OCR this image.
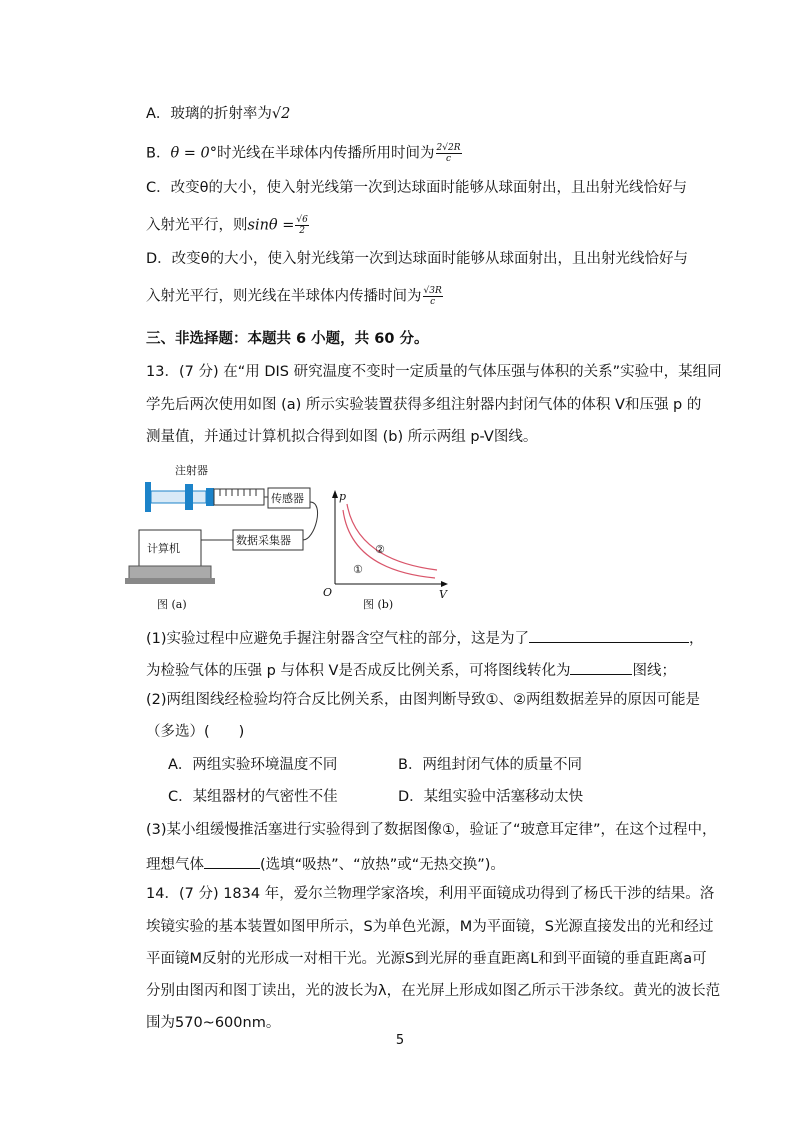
A．玻璃的折射率为√2
B．θ = 0°时光线在半球体内传播所用时间为 $\frac{2√2R}{c}$
C．改变θ的大小，使入射光线第一次到达球面时能够从球面射出，且出射光线恰好与
入射光平行，则$\sin\theta = \frac{√6}{2}$
D．改变θ的大小，使入射光线第一次到达球面时能够从球面射出，且出射光线恰好与
入射光平行，则光线在半球体内传播时间为 $\frac{√3R}{c}$
三、非选择题：本题共 6 小题，共 60 分。
13．(7 分) 在“用 DIS 研究温度不变时一定质量的气体压强与体积的关系”实验中，某组同
学先后两次使用如图 (a) 所示实验装置获得多组注射器内封闭气体的体积 V和压强 p 的
测量值，并通过计算机拟合得到如图 (b) 所示两组 p-V图线。
注射器
传感器
数据采集器
计算机
图 (a)
p
V
O
①
②
图 (b)
(1)实验过程中应避免手握注射器含空气柱的部分，这是为了	，
为检验气体的压强 p 与体积 V是否成反比例关系，可将图线转化为	图线；
(2)两组图线经检验均符合反比例关系，由图判断导致①、②两组数据差异的原因可能是
（多选）(　　)
A．两组实验环境温度不同	B．两组封闭气体的质量不同
C．某组器材的气密性不佳	D．某组实验中活塞移动太快
(3)某小组缓慢推活塞进行实验得到了数据图像①，验证了“玻意耳定律”，在这个过程中，
理想气体	(选填“吸热”、“放热”或“无热交换”)。
14．(7 分) 1834 年，爱尔兰物理学家洛埃，利用平面镜成功得到了杨氏干涉的结果。洛
埃镜实验的基本装置如图甲所示，S为单色光源，M为平面镜，S光源直接发出的光和经过
平面镜M反射的光形成一对相干光。光源S到光屏的垂直距离L和到平面镜的垂直距离a可
分别由图丙和图丁读出，光的波长为λ，在光屏上形成如图乙所示干涉条纹。黄光的波长范
围为570~600nm。
5
